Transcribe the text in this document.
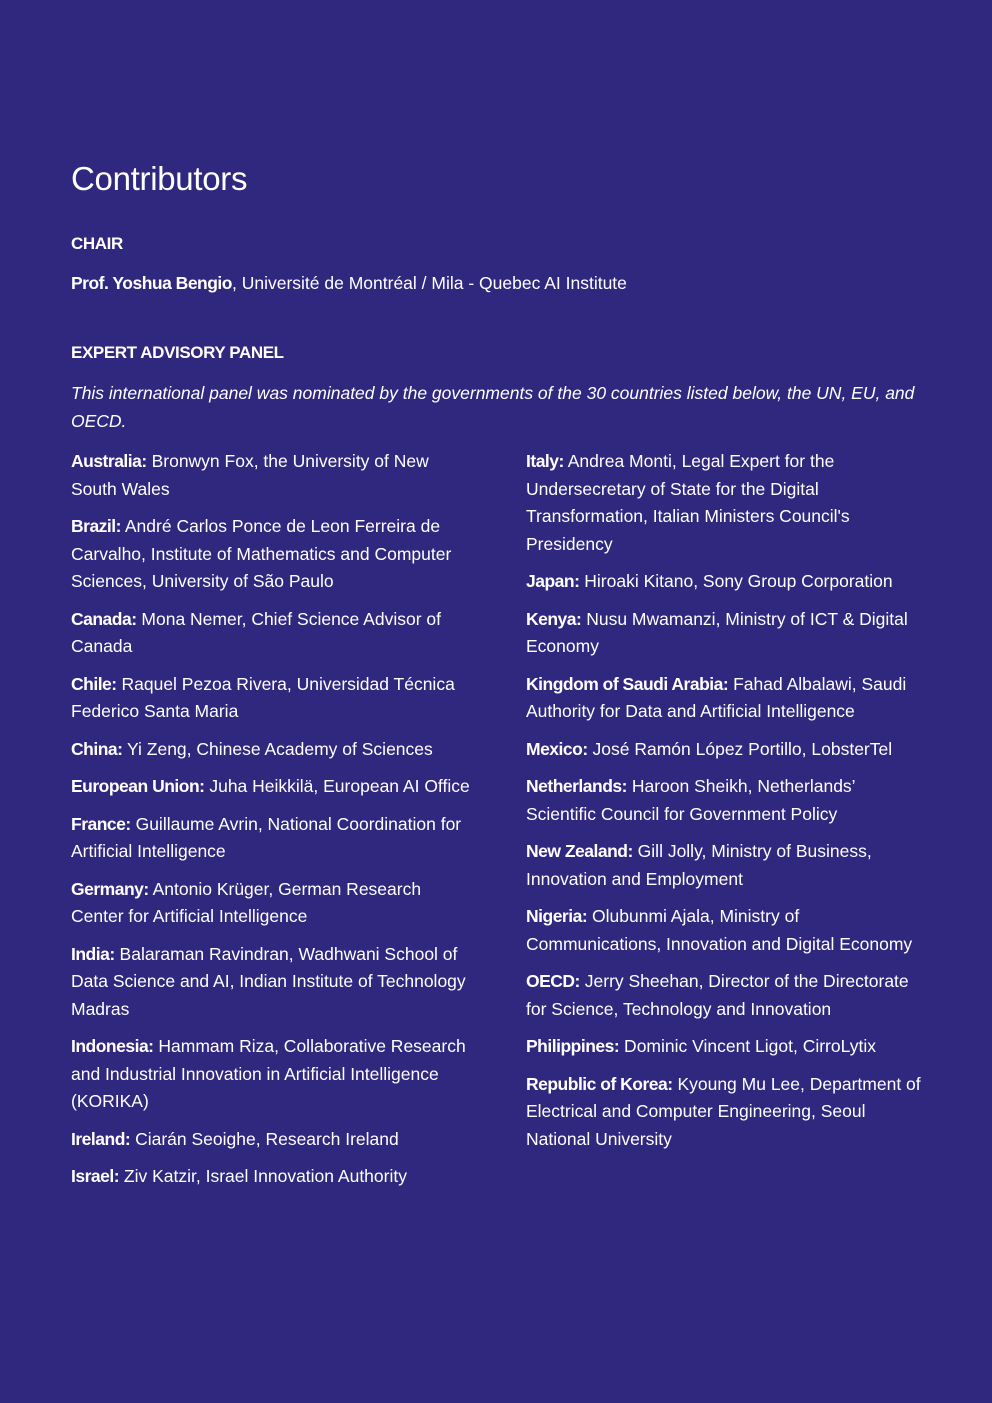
Contributors
CHAIR

Prof. Yoshua Bengio, Université de Montréal / Mila - Quebec AI Institute

EXPERT ADVISORY PANEL

This international panel was nominated by the governments of the 30 countries listed below, the UN, EU, and OECD.

Australia: Bronwyn Fox, the University of New South Wales

Brazil: André Carlos Ponce de Leon Ferreira de Carvalho, Institute of Mathematics and Computer Sciences, University of São Paulo

Canada: Mona Nemer, Chief Science Advisor of Canada

Chile: Raquel Pezoa Rivera, Universidad Técnica Federico Santa Maria

China: Yi Zeng, Chinese Academy of Sciences

European Union: Juha Heikkilä, European AI Office

France: Guillaume Avrin, National Coordination for Artificial Intelligence

Germany: Antonio Krüger, German Research Center for Artificial Intelligence

India: Balaraman Ravindran, Wadhwani School of Data Science and AI, Indian Institute of Technology Madras

Indonesia: Hammam Riza, Collaborative Research and Industrial Innovation in Artificial Intelligence (KORIKA)

Ireland: Ciarán Seoighe, Research Ireland

Israel: Ziv Katzir, Israel Innovation Authority

Italy: Andrea Monti, Legal Expert for the Undersecretary of State for the Digital Transformation, Italian Ministers Council's Presidency

Japan: Hiroaki Kitano, Sony Group Corporation

Kenya: Nusu Mwamanzi, Ministry of ICT & Digital Economy

Kingdom of Saudi Arabia: Fahad Albalawi, Saudi Authority for Data and Artificial Intelligence

Mexico: José Ramón López Portillo, LobsterTel

Netherlands: Haroon Sheikh, Netherlands’ Scientific Council for Government Policy

New Zealand: Gill Jolly, Ministry of Business, Innovation and Employment

Nigeria: Olubunmi Ajala, Ministry of Communications, Innovation and Digital Economy

OECD: Jerry Sheehan, Director of the Directorate for Science, Technology and Innovation

Philippines: Dominic Vincent Ligot, CirroLytix

Republic of Korea: Kyoung Mu Lee, Department of Electrical and Computer Engineering, Seoul National University
